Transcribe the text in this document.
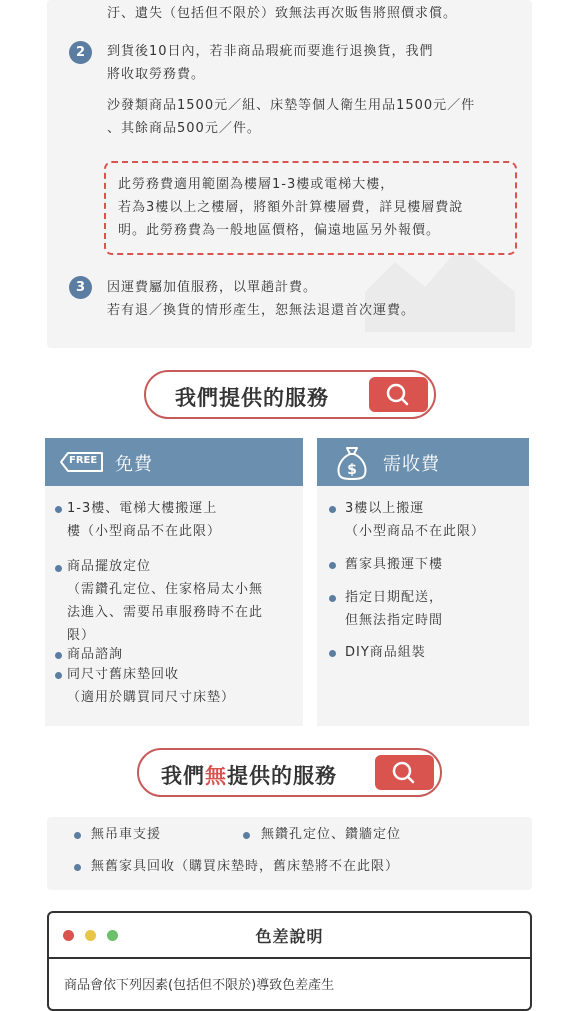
汙、遺失（包括但不限於）致無法再次販售將照價求償。
2	到貨後10日內，若非商品瑕疵而要進行退換貨，我們
將收取勞務費。
沙發類商品1500元／組、床墊等個人衛生用品1500元／件
、其餘商品500元／件。
此勞務費適用範圍為樓層1-3樓或電梯大樓，
若為3樓以上之樓層，將額外計算樓層費，詳見樓層費說
明。此勞務費為一般地區價格，偏遠地區另外報價。
3	因運費屬加值服務，以單趟計費。
若有退／換貨的情形產生，恕無法退還首次運費。
我們提供的服務
FREE 免費
1-3樓、電梯大樓搬運上
樓（小型商品不在此限）
商品擺放定位
（需鑽孔定位、住家格局太小無
法進入、需要吊車服務時不在此
限）
商品諮詢
同尺寸舊床墊回收
（適用於購買同尺寸床墊）
$ 需收費
3樓以上搬運
（小型商品不在此限）
舊家具搬運下樓
指定日期配送，
但無法指定時間
DIY商品組裝
我們無提供的服務
無吊車支援	無鑽孔定位、鑽牆定位
無舊家具回收（購買床墊時，舊床墊將不在此限）
色差說明
商品會依下列因素(包括但不限於)導致色差產生
